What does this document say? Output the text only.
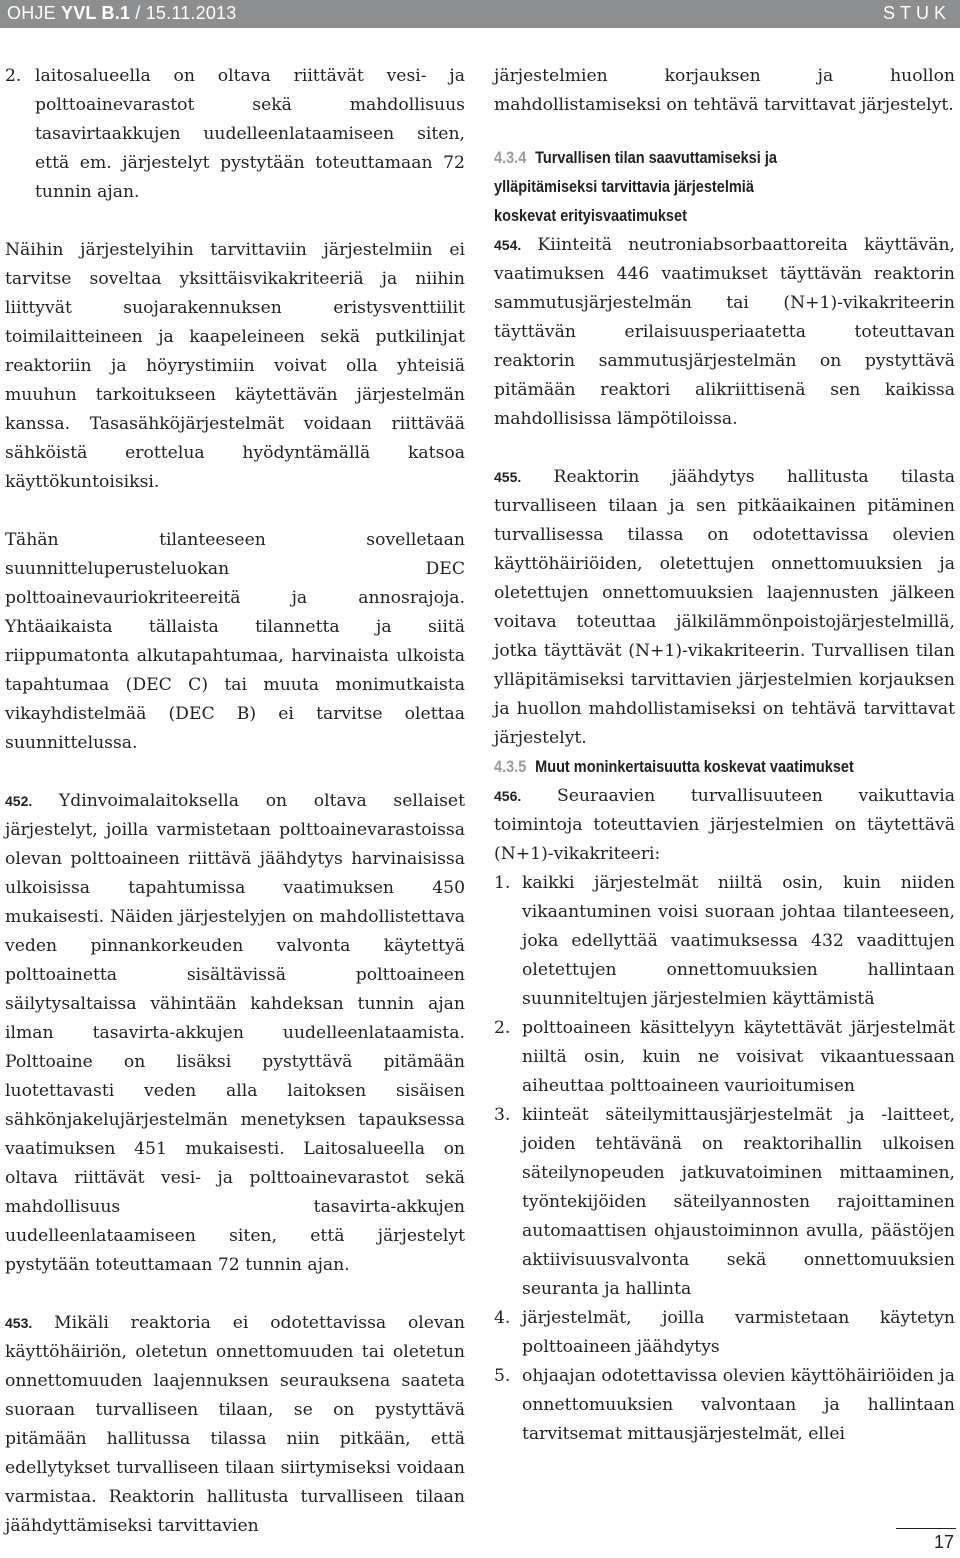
OHJE YVL B.1 / 15.11.2013	STUK
2. laitosalueella on oltava riittävät vesi- ja polttoainevarastot sekä mahdollisuus tasavirtaakkujen uudelleenlataamiseen siten, että em. järjestelyt pystytään toteuttamaan 72 tunnin ajan.

Näihin järjestelyihin tarvittaviin järjestelmiin ei tarvitse soveltaa yksittäisvikakriteeriä ja niihin liittyvät suojarakennuksen eristysventtiilit toimilaitteineen ja kaapeleineen sekä putkilinjat reaktoriin ja höyrystimiin voivat olla yhteisiä muuhun tarkoitukseen käytettävän järjestelmän kanssa. Tasasähköjärjestelmät voidaan riittävää sähköistä erottelua hyödyntämällä katsoa käyttökuntoisiksi.

Tähän tilanteeseen sovelletaan suunnitteluperusteluokan DEC polttoainevauriokriteereitä ja annosrajoja. Yhtäaikaista tällaista tilannetta ja siitä riippumatonta alkutapahtumaa, harvinaista ulkoista tapahtumaa (DEC C) tai muuta monimutkaista vikayhdistelmää (DEC B) ei tarvitse olettaa suunnittelussa.

452. Ydinvoimalaitoksella on oltava sellaiset järjestelyt, joilla varmistetaan polttoainevarastoissa olevan polttoaineen riittävä jäähdytys harvinaisissa ulkoisissa tapahtumissa vaatimuksen 450 mukaisesti. Näiden järjestelyjen on mahdollistettava veden pinnankorkeuden valvonta käytettyä polttoainetta sisältävissä polttoaineen säilytysaltaissa vähintään kahdeksan tunnin ajan ilman tasavirta-akkujen uudelleenlataamista. Polttoaine on lisäksi pystyttävä pitämään luotettavasti veden alla laitoksen sisäisen sähkönjakelujärjestelmän menetyksen tapauksessa vaatimuksen 451 mukaisesti. Laitosalueella on oltava riittävät vesi- ja polttoainevarastot sekä mahdollisuus tasavirta-akkujen uudelleenlataamiseen siten, että järjestelyt pystytään toteuttamaan 72 tunnin ajan.

453. Mikäli reaktoria ei odotettavissa olevan käyttöhäiriön, oletetun onnettomuuden tai oletetun onnettomuuden laajennuksen seurauksena saateta suoraan turvalliseen tilaan, se on pystyttävä pitämään hallitussa tilassa niin pitkään, että edellytykset turvalliseen tilaan siirtymiseksi voidaan varmistaa. Reaktorin hallitusta turvalliseen tilaan jäähdyttämiseksi tarvittavien

järjestelmien korjauksen ja huollon mahdollistamiseksi on tehtävä tarvittavat järjestelyt.

4.3.4 Turvallisen tilan saavuttamiseksi ja
ylläpitämiseksi tarvittavia järjestelmiä
koskevat erityisvaatimukset

454. Kiinteitä neutroniabsorbaattoreita käyttävän, vaatimuksen 446 vaatimukset täyttävän reaktorin sammutusjärjestelmän tai (N+1)-vikakriteerin täyttävän erilaisuusperiaatetta toteuttavan reaktorin sammutusjärjestelmän on pystyttävä pitämään reaktori alikriittisenä sen kaikissa mahdollisissa lämpötiloissa.

455. Reaktorin jäähdytys hallitusta tilasta turvalliseen tilaan ja sen pitkäaikainen pitäminen turvallisessa tilassa on odotettavissa olevien käyttöhäiriöiden, oletettujen onnettomuuksien ja oletettujen onnettomuuksien laajennusten jälkeen voitava toteuttaa jälkilämmönpoistojärjestelmillä, jotka täyttävät (N+1)-vikakriteerin. Turvallisen tilan ylläpitämiseksi tarvittavien järjestelmien korjauksen ja huollon mahdollistamiseksi on tehtävä tarvittavat järjestelyt.

4.3.5 Muut moninkertaisuutta koskevat vaatimukset

456. Seuraavien turvallisuuteen vaikuttavia toimintoja toteuttavien järjestelmien on täytettävä (N+1)-vikakriteeri:

1. kaikki järjestelmät niiltä osin, kuin niiden vikaantuminen voisi suoraan johtaa tilanteeseen, joka edellyttää vaatimuksessa 432 vaadittujen oletettujen onnettomuuksien hallintaan suunniteltujen järjestelmien käyttämistä
2. polttoaineen käsittelyyn käytettävät järjestelmät niiltä osin, kuin ne voisivat vikaantuessaan aiheuttaa polttoaineen vaurioitumisen
3. kiinteät säteilymittausjärjestelmät ja -laitteet, joiden tehtävänä on reaktorihallin ulkoisen säteilynopeuden jatkuvatoiminen mittaaminen, työntekijöiden säteilyannosten rajoittaminen automaattisen ohjaustoiminnon avulla, päästöjen aktiivisuusvalvonta sekä onnettomuuksien seuranta ja hallinta
4. järjestelmät, joilla varmistetaan käytetyn polttoaineen jäähdytys
5. ohjaajan odotettavissa olevien käyttöhäiriöiden ja onnettomuuksien valvontaan ja hallintaan tarvitsemat mittausjärjestelmät, ellei
17
